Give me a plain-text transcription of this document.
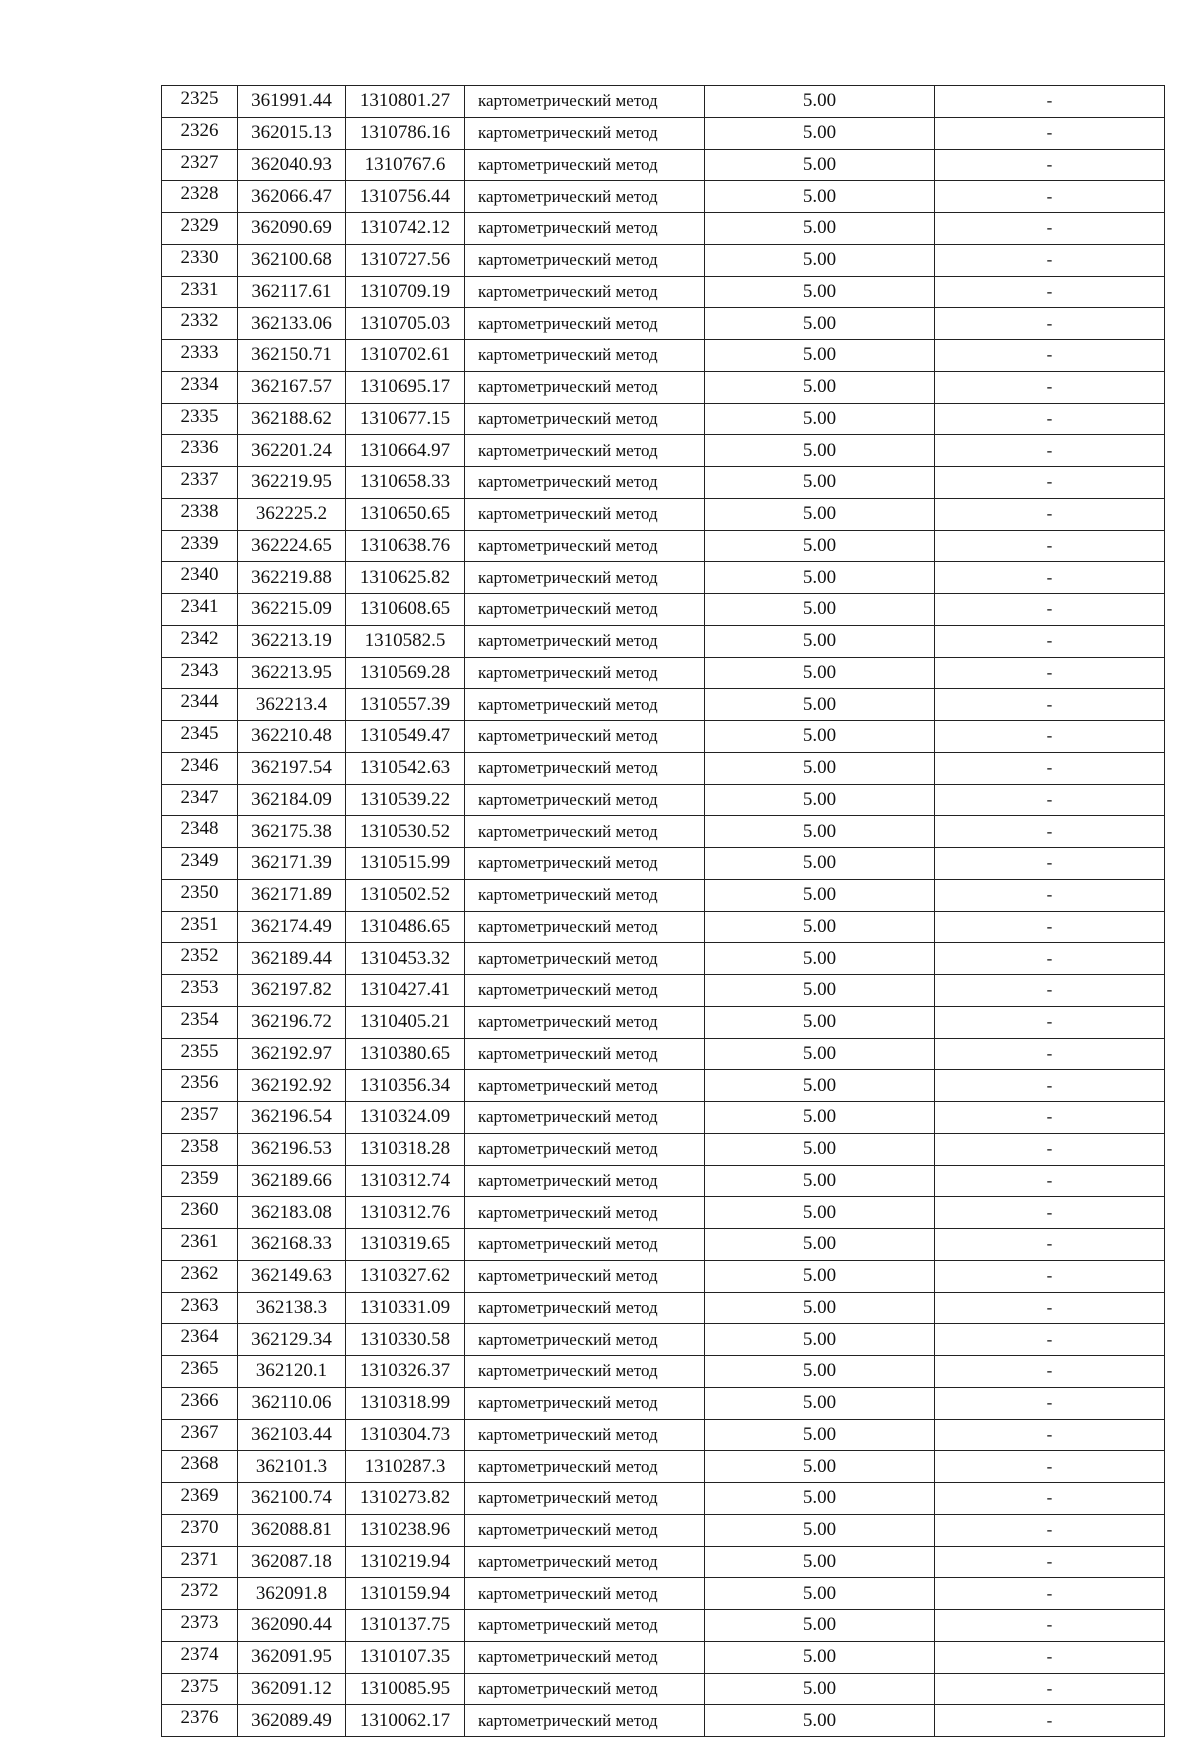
2325	361991.44	1310801.27	картометрический метод	5.00	-
2326	362015.13	1310786.16	картометрический метод	5.00	-
2327	362040.93	1310767.6	картометрический метод	5.00	-
2328	362066.47	1310756.44	картометрический метод	5.00	-
2329	362090.69	1310742.12	картометрический метод	5.00	-
2330	362100.68	1310727.56	картометрический метод	5.00	-
2331	362117.61	1310709.19	картометрический метод	5.00	-
2332	362133.06	1310705.03	картометрический метод	5.00	-
2333	362150.71	1310702.61	картометрический метод	5.00	-
2334	362167.57	1310695.17	картометрический метод	5.00	-
2335	362188.62	1310677.15	картометрический метод	5.00	-
2336	362201.24	1310664.97	картометрический метод	5.00	-
2337	362219.95	1310658.33	картометрический метод	5.00	-
2338	362225.2	1310650.65	картометрический метод	5.00	-
2339	362224.65	1310638.76	картометрический метод	5.00	-
2340	362219.88	1310625.82	картометрический метод	5.00	-
2341	362215.09	1310608.65	картометрический метод	5.00	-
2342	362213.19	1310582.5	картометрический метод	5.00	-
2343	362213.95	1310569.28	картометрический метод	5.00	-
2344	362213.4	1310557.39	картометрический метод	5.00	-
2345	362210.48	1310549.47	картометрический метод	5.00	-
2346	362197.54	1310542.63	картометрический метод	5.00	-
2347	362184.09	1310539.22	картометрический метод	5.00	-
2348	362175.38	1310530.52	картометрический метод	5.00	-
2349	362171.39	1310515.99	картометрический метод	5.00	-
2350	362171.89	1310502.52	картометрический метод	5.00	-
2351	362174.49	1310486.65	картометрический метод	5.00	-
2352	362189.44	1310453.32	картометрический метод	5.00	-
2353	362197.82	1310427.41	картометрический метод	5.00	-
2354	362196.72	1310405.21	картометрический метод	5.00	-
2355	362192.97	1310380.65	картометрический метод	5.00	-
2356	362192.92	1310356.34	картометрический метод	5.00	-
2357	362196.54	1310324.09	картометрический метод	5.00	-
2358	362196.53	1310318.28	картометрический метод	5.00	-
2359	362189.66	1310312.74	картометрический метод	5.00	-
2360	362183.08	1310312.76	картометрический метод	5.00	-
2361	362168.33	1310319.65	картометрический метод	5.00	-
2362	362149.63	1310327.62	картометрический метод	5.00	-
2363	362138.3	1310331.09	картометрический метод	5.00	-
2364	362129.34	1310330.58	картометрический метод	5.00	-
2365	362120.1	1310326.37	картометрический метод	5.00	-
2366	362110.06	1310318.99	картометрический метод	5.00	-
2367	362103.44	1310304.73	картометрический метод	5.00	-
2368	362101.3	1310287.3	картометрический метод	5.00	-
2369	362100.74	1310273.82	картометрический метод	5.00	-
2370	362088.81	1310238.96	картометрический метод	5.00	-
2371	362087.18	1310219.94	картометрический метод	5.00	-
2372	362091.8	1310159.94	картометрический метод	5.00	-
2373	362090.44	1310137.75	картометрический метод	5.00	-
2374	362091.95	1310107.35	картометрический метод	5.00	-
2375	362091.12	1310085.95	картометрический метод	5.00	-
2376	362089.49	1310062.17	картометрический метод	5.00	-
